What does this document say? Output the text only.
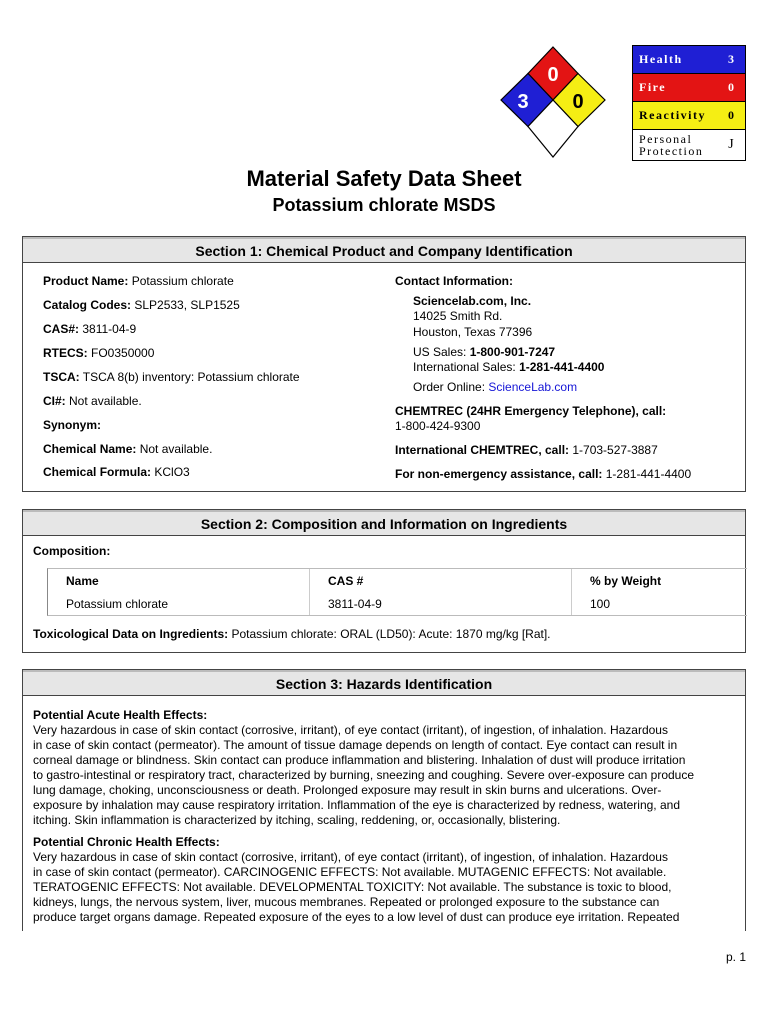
0
3 0
Health	3
Fire	0
Reactivity	0
Personal
Protection	J
Material Safety Data Sheet
Potassium chlorate MSDS
Section 1: Chemical Product and Company Identification
Product Name: Potassium chlorate
Catalog Codes: SLP2533, SLP1525
CAS#: 3811-04-9
RTECS: FO0350000
TSCA: TSCA 8(b) inventory: Potassium chlorate
CI#: Not available.
Synonym:
Chemical Name: Not available.
Chemical Formula: KClO3
Contact Information:
Sciencelab.com, Inc.
14025 Smith Rd.
Houston, Texas 77396
US Sales: 1-800-901-7247
International Sales: 1-281-441-4400
Order Online: ScienceLab.com
CHEMTREC (24HR Emergency Telephone), call:
1-800-424-9300
International CHEMTREC, call: 1-703-527-3887
For non-emergency assistance, call: 1-281-441-4400
Section 2: Composition and Information on Ingredients
Composition:
Name	CAS #	% by Weight
Potassium chlorate	3811-04-9	100
Toxicological Data on Ingredients: Potassium chlorate: ORAL (LD50): Acute: 1870 mg/kg [Rat].
Section 3: Hazards Identification
Potential Acute Health Effects:
Very hazardous in case of skin contact (corrosive, irritant), of eye contact (irritant), of ingestion, of inhalation. Hazardous
in case of skin contact (permeator). The amount of tissue damage depends on length of contact. Eye contact can result in
corneal damage or blindness. Skin contact can produce inflammation and blistering. Inhalation of dust will produce irritation
to gastro-intestinal or respiratory tract, characterized by burning, sneezing and coughing. Severe over-exposure can produce
lung damage, choking, unconsciousness or death. Prolonged exposure may result in skin burns and ulcerations. Over-
exposure by inhalation may cause respiratory irritation. Inflammation of the eye is characterized by redness, watering, and
itching. Skin inflammation is characterized by itching, scaling, reddening, or, occasionally, blistering.
Potential Chronic Health Effects:
Very hazardous in case of skin contact (corrosive, irritant), of eye contact (irritant), of ingestion, of inhalation. Hazardous
in case of skin contact (permeator). CARCINOGENIC EFFECTS: Not available. MUTAGENIC EFFECTS: Not available.
TERATOGENIC EFFECTS: Not available. DEVELOPMENTAL TOXICITY: Not available. The substance is toxic to blood,
kidneys, lungs, the nervous system, liver, mucous membranes. Repeated or prolonged exposure to the substance can
produce target organs damage. Repeated exposure of the eyes to a low level of dust can produce eye irritation. Repeated
p. 1
